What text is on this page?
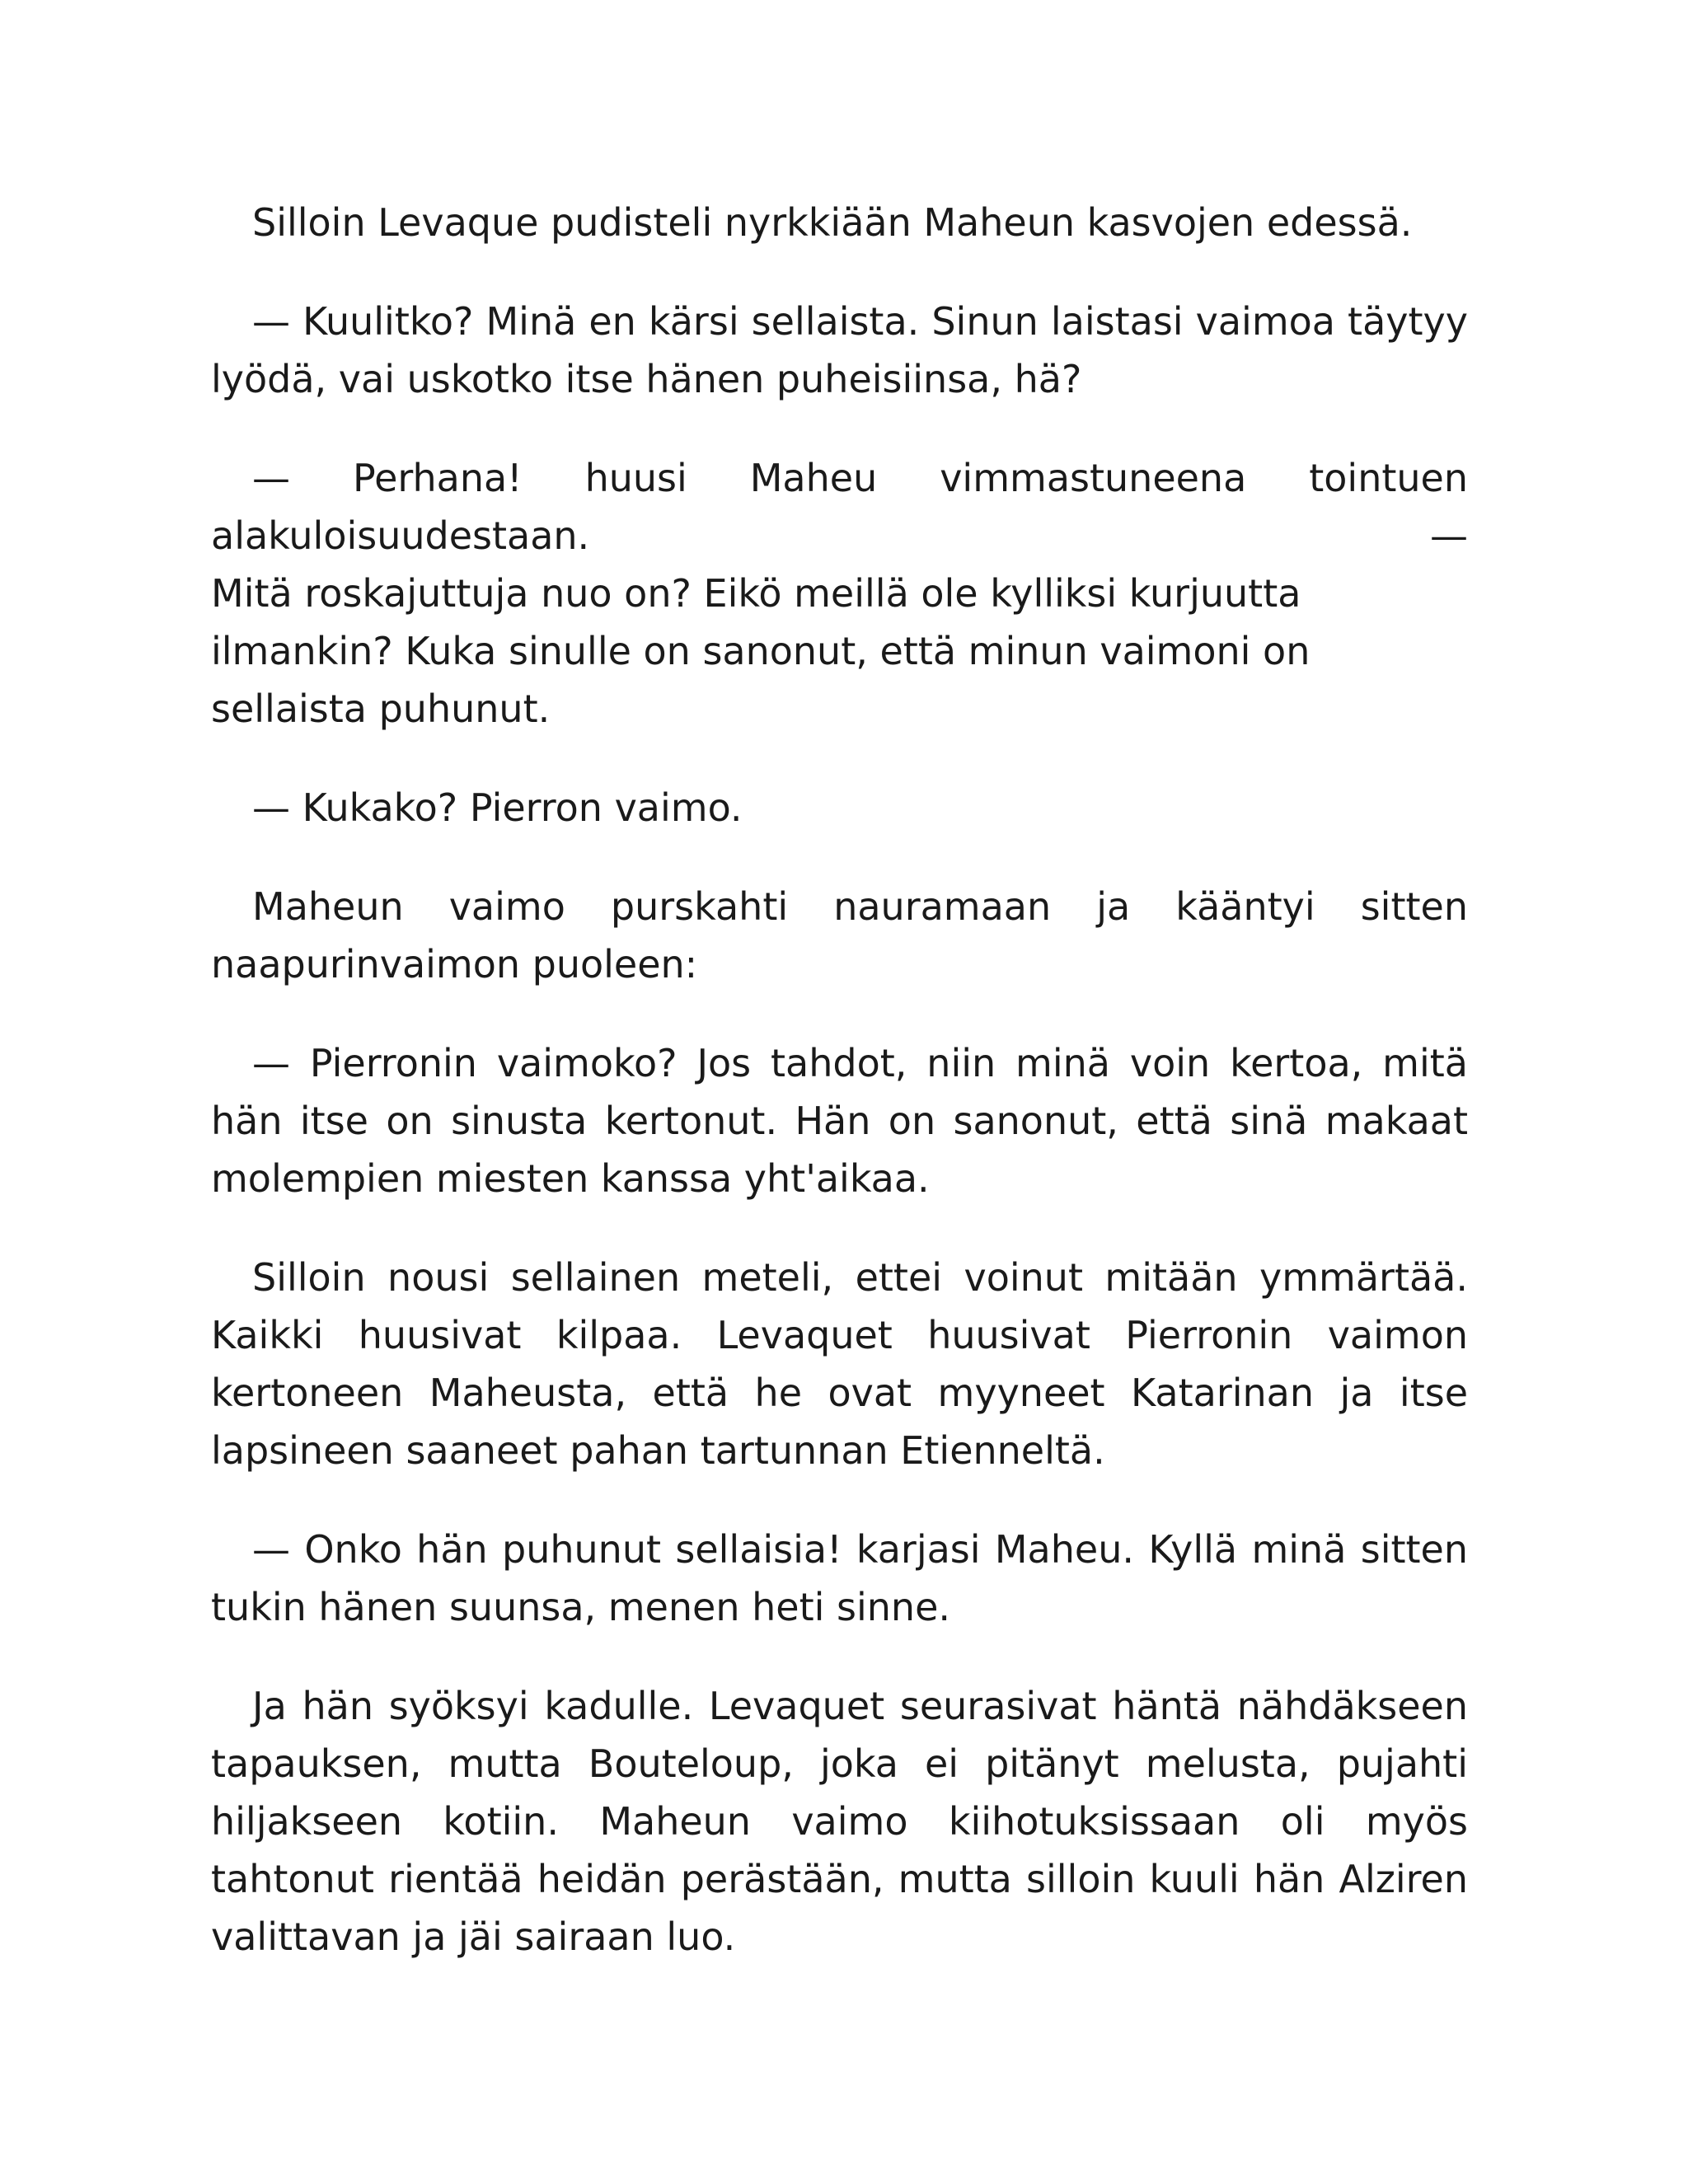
Silloin Levaque pudisteli nyrkkiään Maheun kasvojen edessä.

— Kuulitko? Minä en kärsi sellaista. Sinun laistasi vaimoa täytyy lyödä, vai uskotko itse hänen puheisiinsa, hä?

— Perhana! huusi Maheu vimmastuneena tointuen alakuloisuudestaan. —
Mitä roskajuttuja nuo on? Eikö meillä ole kylliksi kurjuutta ilmankin? Kuka sinulle on sanonut, että minun vaimoni on sellaista puhunut.

— Kukako? Pierron vaimo.

Maheun vaimo purskahti nauramaan ja kääntyi sitten naapurinvaimon puoleen:

— Pierronin vaimoko? Jos tahdot, niin minä voin kertoa, mitä hän itse on sinusta kertonut. Hän on sanonut, että sinä makaat molempien miesten kanssa yht'aikaa.

Silloin nousi sellainen meteli, ettei voinut mitään ymmärtää. Kaikki huusivat kilpaa. Levaquet huusivat Pierronin vaimon kertoneen Maheusta, että he ovat myyneet Katarinan ja itse lapsineen saaneet pahan tartunnan Etienneltä.

— Onko hän puhunut sellaisia! karjasi Maheu. Kyllä minä sitten tukin hänen suunsa, menen heti sinne.

Ja hän syöksyi kadulle. Levaquet seurasivat häntä nähdäkseen tapauksen, mutta Bouteloup, joka ei pitänyt melusta, pujahti hiljakseen kotiin. Maheun vaimo kiihotuksissaan oli myös tahtonut rientää heidän perästään, mutta silloin kuuli hän Alziren valittavan ja jäi sairaan luo.
